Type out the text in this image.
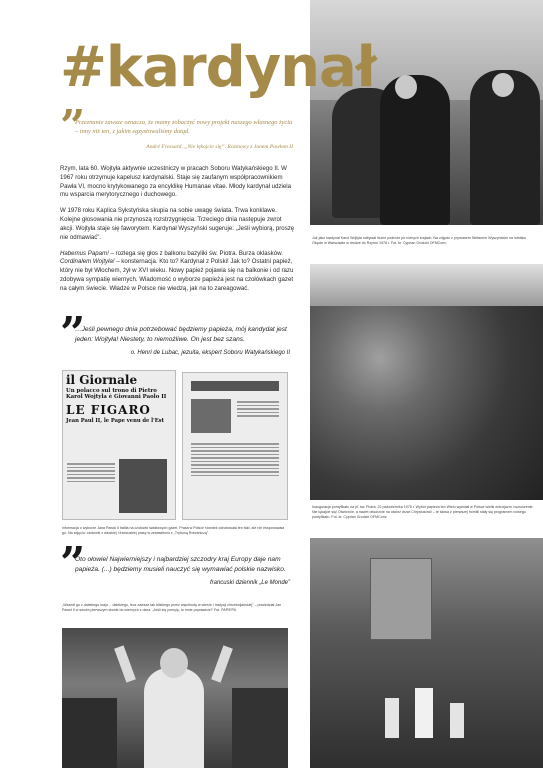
Już jako kardynał Karol Wojtyła odbywał liczne podróże po różnych krajach. Na zdjęciu z prymasem Stefanem Wyszyńskim na lotnisku Okęcie w Warszawie w drodze do Rzymu 1978 r. Fot. kr. Cyprian Grodzki OFMConv.
Inauguracja pontyfikatu na pl. św. Piotra, 22 października 1978 r. Wybór papieża ten Wielu wywołał w Polsce wielki entuzjazm i wzruszenie. Nie lękajcie się! Otwórzcie, a nawet otwórzcie na oścież drzwi Chrystusowi! – te słowa z pierwszej homilii stały się programem nowego pontyfikatu. Fot. kr. Cyprian Grodzki OFMConv.
#kardynał
”
Przeznanie zawsze oznacza, że mamy zobaczyć nowy projekt naszego własnego życia – inny niż ten, z jakim egzystowaliśmy dotąd.
André Frossard, „Nie lękajcie się”. Rozmowy z Janem Pawłem II

Rzym, lata 60. Wojtyła aktywnie uczestniczy w pracach Soboru Watykańskiego II. W 1967 roku otrzymuje kapelusz kardynalski. Staje się zaufanym współpracownikiem Pawła VI, mocno krytykowanego za encyklikę Humanae vitae. Młody kardynał udziela mu wsparcia merytorycznego i duchowego.

W 1978 roku Kaplica Sykstyńska skupia na sobie uwagę świata. Trwa konklawe. Kolejne głosowania nie przynoszą rozstrzygnięcia. Trzeciego dnia następuje zwrot akcji. Wojtyła staje się faworytem. Kardynał Wyszyński sugeruje: „Jeśli wybiorą, proszę nie odmawiać”.

Habemus Papam! – rozlega się głos z balkonu bazyliki św. Piotra. Burza oklasków. Cordinalem Wojtyła! – konsternacja. Kto to? Kardynał z Polski! Jak to? Ostatni papież, który nie był Włochem, żył w XVI wieku. Nowy papież pojawia się na balkonie i od razu zdobywa sympatię wiernych. Wiadomość o wyborze papieża jest na czołówkach gazet na całym świecie. Władze w Polsce nie wiedzą, jak na to zareagować.

”
…Jeśli pewnego dnia potrzebować będziemy papieża, mój kandydat jest jeden: Wojtyła! Niestety, to niemożliwe. On jest bez szans.
o. Henri de Lubac, jezuita, ekspert Soboru Watykańskiego II
il Giornale
Un polacco sul trono di Pietro Karol Wojtyla è Giovanni Paolo II
LE FIGARO
Jean Paul II, le Pape venu de l'Est
Informacja o wyborze Jana Pawła II trafiła na czołówki światowych gazet. Prasa w Polsce również odnotowała ten fakt, ale nie eksponowała go. Na zdjęciu: czołówki z włoskiej i francuskiej prasy w zestawieniu z „Trybuną Robotniczą”.
”
Oto ołowiel Najwierniejszy i najbardziej szczodry kraj Europy daje nam papieża. (...) będziemy musieli nauczyć się wymawiać polskie nazwisko.
francuski dziennik „Le Monde”
„Wszedł go z dalekiego kraju… dalekiego, lecz zawsze tak bliskiego przez wspólnotę w wierze i tradycji chrześcijańskiej” – powiedział Jan Paweł II w swoim pierwszym słowie do wiernych z okna. „Jeśli się pomylę, to mnie poprawicie!” Fot. PAP/EPA
